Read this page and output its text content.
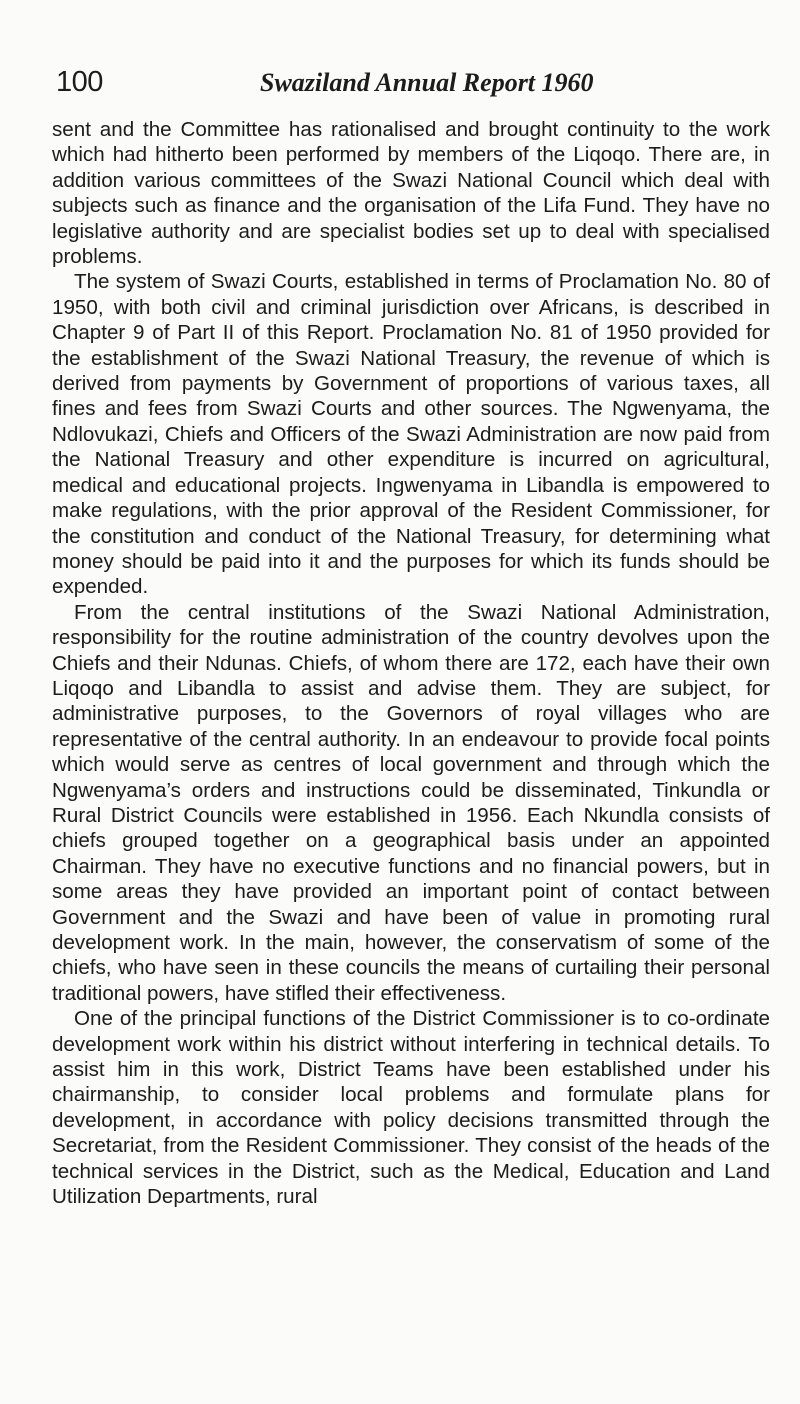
100	Swaziland Annual Report 1960

sent and the Committee has rationalised and brought continuity to the work which had hitherto been performed by members of the Liqoqo. There are, in addition various committees of the Swazi National Council which deal with subjects such as finance and the organisation of the Lifa Fund. They have no legislative authority and are specialist bodies set up to deal with specialised problems.

The system of Swazi Courts, established in terms of Proclamation No. 80 of 1950, with both civil and criminal jurisdiction over Africans, is described in Chapter 9 of Part II of this Report. Proclamation No. 81 of 1950 provided for the establishment of the Swazi National Treasury, the revenue of which is derived from payments by Government of proportions of various taxes, all fines and fees from Swazi Courts and other sources. The Ngwenyama, the Ndlovukazi, Chiefs and Officers of the Swazi Administration are now paid from the National Treasury and other expenditure is incurred on agricultural, medical and educational projects. Ingwenyama in Libandla is empowered to make regulations, with the prior approval of the Resident Commissioner, for the constitution and conduct of the National Treasury, for determining what money should be paid into it and the purposes for which its funds should be expended.

From the central institutions of the Swazi National Administration, responsibility for the routine administration of the country devolves upon the Chiefs and their Ndunas. Chiefs, of whom there are 172, each have their own Liqoqo and Libandla to assist and advise them. They are subject, for administrative purposes, to the Governors of royal villages who are representative of the central authority. In an endeavour to provide focal points which would serve as centres of local government and through which the Ngwenyama’s orders and instructions could be disseminated, Tinkundla or Rural District Councils were established in 1956. Each Nkundla consists of chiefs grouped together on a geographical basis under an appointed Chairman. They have no executive functions and no financial powers, but in some areas they have provided an important point of contact between Government and the Swazi and have been of value in promoting rural development work. In the main, however, the conservatism of some of the chiefs, who have seen in these councils the means of curtailing their personal traditional powers, have stifled their effectiveness.

One of the principal functions of the District Commissioner is to co-ordinate development work within his district without interfering in technical details. To assist him in this work, District Teams have been established under his chairmanship, to consider local problems and formulate plans for development, in accordance with policy decisions transmitted through the Secretariat, from the Resident Commissioner. They consist of the heads of the technical services in the District, such as the Medical, Education and Land Utilization Departments, rural
